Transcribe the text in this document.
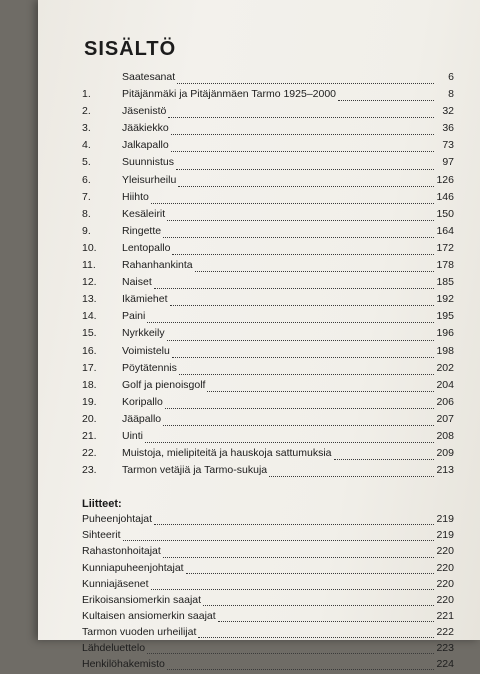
SISÄLTÖ
Saatesanat	6
1.	Pitäjänmäki ja Pitäjänmäen Tarmo 1925–2000	8
2.	Jäsenistö	32
3.	Jääkiekko	36
4.	Jalkapallo	73
5.	Suunnistus	97
6.	Yleisurheilu	126
7.	Hiihto	146
8.	Kesäleirit	150
9.	Ringette	164
10.	Lentopallo	172
11.	Rahanhankinta	178
12.	Naiset	185
13.	Ikämiehet	192
14.	Paini	195
15.	Nyrkkeily	196
16.	Voimistelu	198
17.	Pöytätennis	202
18.	Golf ja pienoisgolf	204
19.	Koripallo	206
20.	Jääpallo	207
21.	Uinti	208
22.	Muistoja, mielipiteitä ja hauskoja sattumuksia	209
23.	Tarmon vetäjiä ja Tarmo-sukuja	213
Liitteet:
Puheenjohtajat	219
Sihteerit	219
Rahastonhoitajat	220
Kunniapuheenjohtajat	220
Kunniajäsenet	220
Erikoisansiomerkin saajat	220
Kultaisen ansiomerkin saajat	221
Tarmon vuoden urheilijat	222
Lähdeluettelo	223
Henkilöhakemisto	224
